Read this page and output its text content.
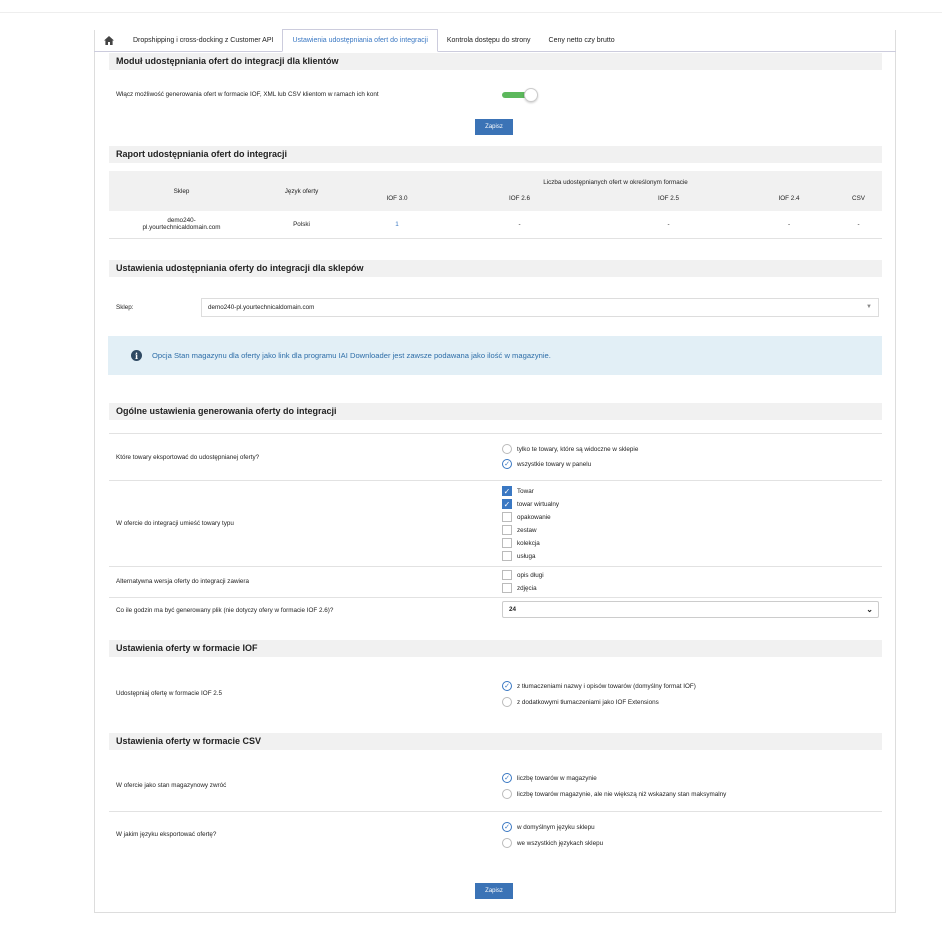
Dropshipping i cross-docking z Customer API	Ustawienia udostępniania ofert do integracji	Kontrola dostępu do strony	Ceny netto czy brutto
Moduł udostępniania ofert do integracji dla klientów
Włącz możliwość generowania ofert w formacie IOF, XML lub CSV klientom w ramach ich kont
Zapisz
Raport udostępniania ofert do integracji
Sklep	Język oferty	Liczba udostępnianych ofert w określonym formacie				
		IOF 3.0	IOF 2.6	IOF 2.5	IOF 2.4	CSV

demo240-
pl.yourtechnicaldomain.com	Polski	1	-	-	-	-
Ustawienia udostępniania oferty do integracji dla sklepów
Sklep:	demo240-pl.yourtechnicaldomain.com	▼
i	Opcja Stan magazynu dla oferty jako link dla programu IAI Downloader jest zawsze podawana jako ilość w magazynie.
Ogólne ustawienia generowania oferty do integracji
Które towary eksportować do udostępnianej oferty?
tylko te towary, które są widoczne w sklepie
✓	wszystkie towary w panelu
W ofercie do integracji umieść towary typu
✓ Towar
✓ towar wirtualny
opakowanie
zestaw
kolekcja
usługa
Alternatywna wersja oferty do integracji zawiera
opis długi
zdjęcia
Co ile godzin ma być generowany plik (nie dotyczy ofery w formacie IOF 2.6)?	24	⌄
Ustawienia oferty w formacie IOF
Udostępniaj ofertę w formacie IOF 2.5
✓	z tłumaczeniami nazwy i opisów towarów (domyślny format IOF)
z dodatkowymi tłumaczeniami jako IOF Extensions
Ustawienia oferty w formacie CSV
W ofercie jako stan magazynowy zwróć
✓	liczbę towarów w magazynie
liczbę towarów magazynie, ale nie większą niż wskazany stan maksymalny
W jakim języku eksportować ofertę?
✓	w domyślnym języku sklepu
we wszystkich językach sklepu
Zapisz
